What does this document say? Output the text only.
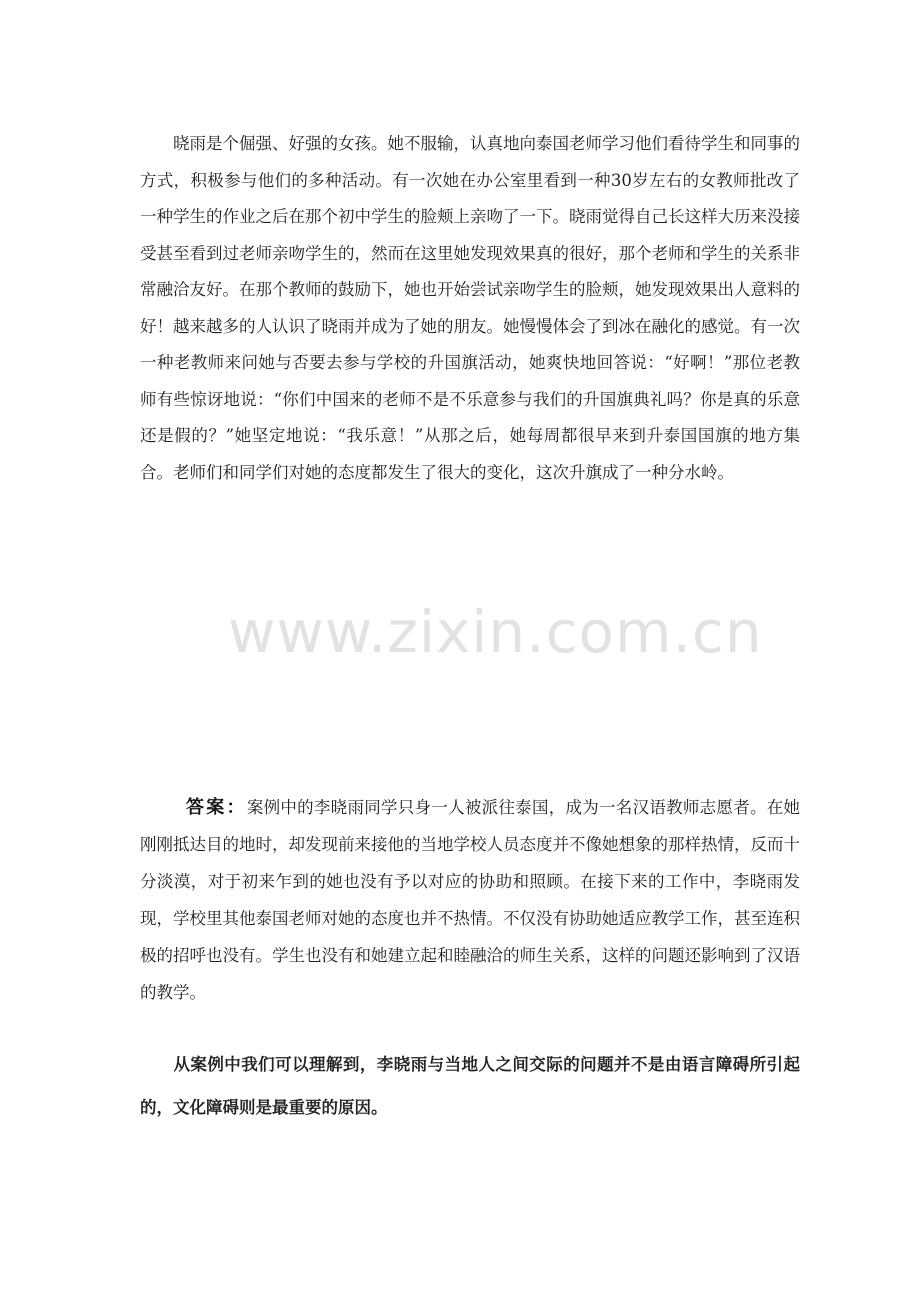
晓雨是个倔强、好强的女孩。她不服输，认真地向泰国老师学习他们看待学生和同事的方式，积极参与他们的多种活动。有一次她在办公室里看到一种30岁左右的女教师批改了一种学生的作业之后在那个初中学生的脸颊上亲吻了一下。晓雨觉得自己长这样大历来没接受甚至看到过老师亲吻学生的，然而在这里她发现效果真的很好，那个老师和学生的关系非常融洽友好。在那个教师的鼓励下，她也开始尝试亲吻学生的脸颊，她发现效果出人意料的好！越来越多的人认识了晓雨并成为了她的朋友。她慢慢体会了到冰在融化的感觉。有一次一种老教师来问她与否要去参与学校的升国旗活动，她爽快地回答说：“好啊！”那位老教师有些惊讶地说：“你们中国来的老师不是不乐意参与我们的升国旗典礼吗？你是真的乐意还是假的？”她坚定地说：“我乐意！”从那之后，她每周都很早来到升泰国国旗的地方集合。老师们和同学们对她的态度都发生了很大的变化，这次升旗成了一种分水岭。

答案：案例中的李晓雨同学只身一人被派往泰国，成为一名汉语教师志愿者。在她刚刚抵达目的地时，却发现前来接他的当地学校人员态度并不像她想象的那样热情，反而十分淡漠，对于初来乍到的她也没有予以对应的协助和照顾。在接下来的工作中，李晓雨发现，学校里其他泰国老师对她的态度也并不热情。不仅没有协助她适应教学工作，甚至连积极的招呼也没有。学生也没有和她建立起和睦融洽的师生关系，这样的问题还影响到了汉语的教学。

从案例中我们可以理解到，李晓雨与当地人之间交际的问题并不是由语言障碍所引起的，文化障碍则是最重要的原因。

www.zixin.com.cn
